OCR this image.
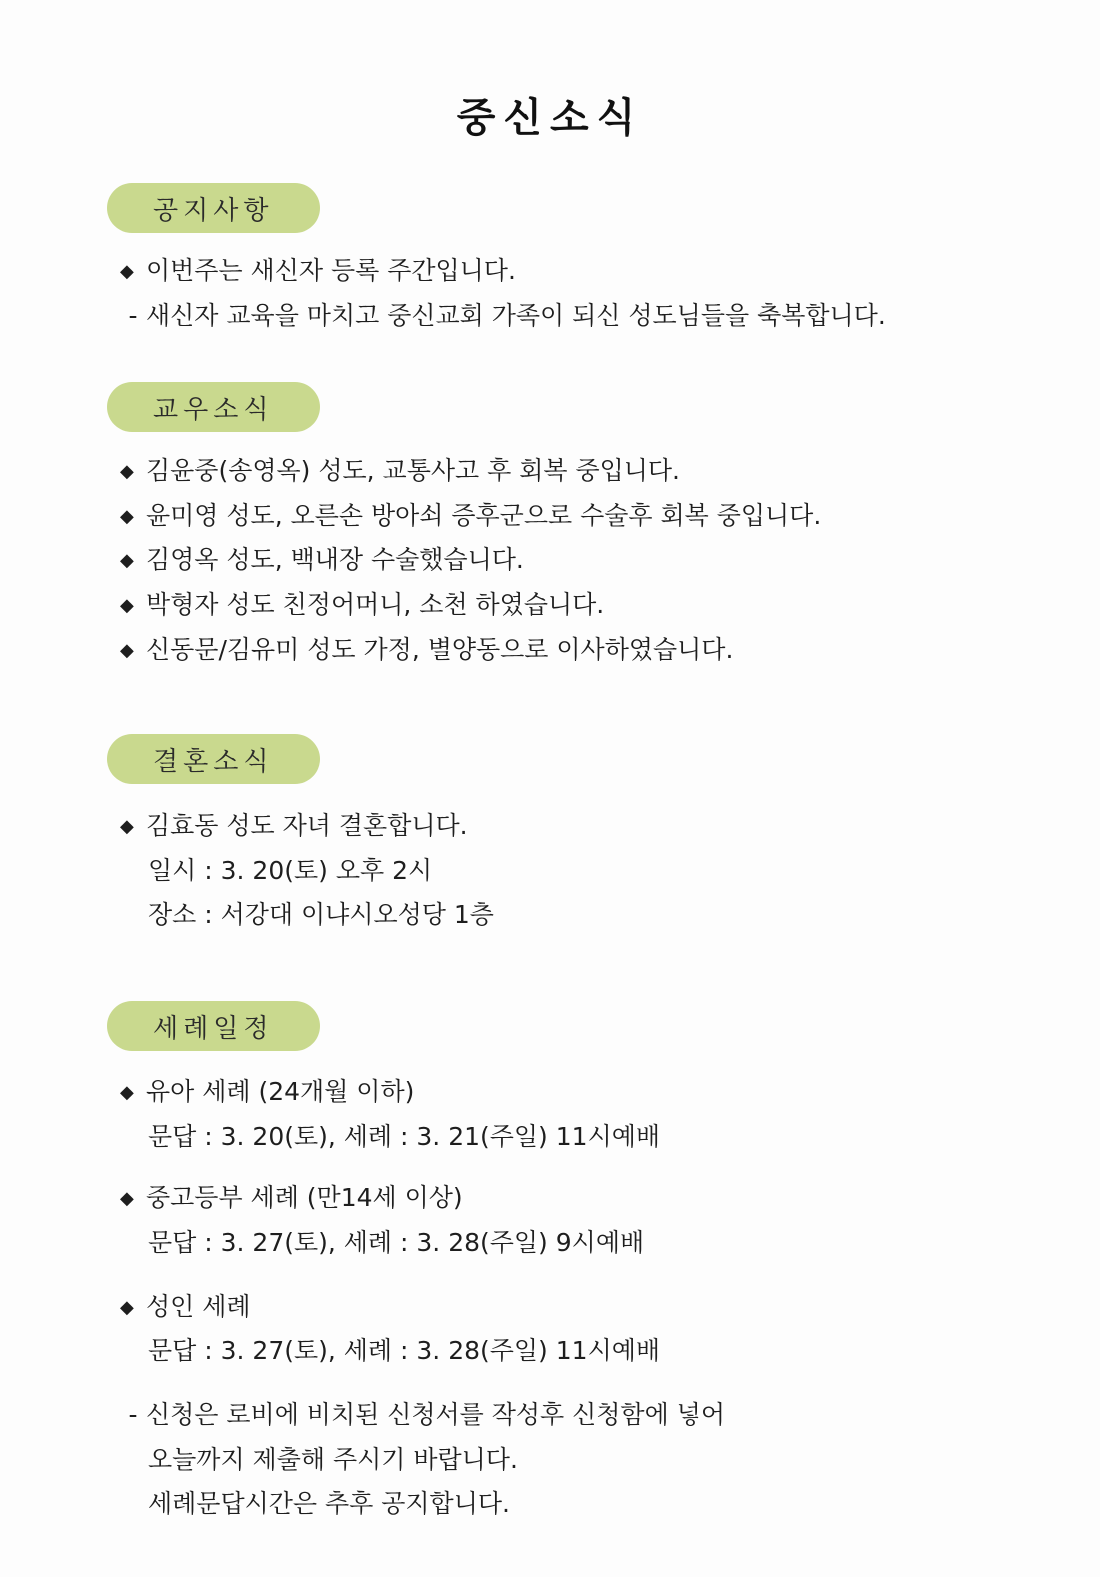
중신소식
공지사항
◆ 이번주는 새신자 등록 주간입니다.
- 새신자 교육을 마치고 중신교회 가족이 되신 성도님들을 축복합니다.
교우소식
◆ 김윤중(송영옥) 성도, 교통사고 후 회복 중입니다.
◆ 윤미영 성도, 오른손 방아쇠 증후군으로 수술후 회복 중입니다.
◆ 김영옥 성도, 백내장 수술했습니다.
◆ 박형자 성도 친정어머니, 소천 하였습니다.
◆ 신동문/김유미 성도 가정, 별양동으로 이사하였습니다.
결혼소식
◆ 김효동 성도 자녀 결혼합니다.
일시 : 3. 20(토) 오후 2시
장소 : 서강대 이냐시오성당 1층
세례일정
◆ 유아 세례 (24개월 이하)
문답 : 3. 20(토), 세례 : 3. 21(주일) 11시예배
◆ 중고등부 세례 (만14세 이상)
문답 : 3. 27(토), 세례 : 3. 28(주일) 9시예배
◆ 성인 세례
문답 : 3. 27(토), 세례 : 3. 28(주일) 11시예배
- 신청은 로비에 비치된 신청서를 작성후 신청함에 넣어
오늘까지 제출해 주시기 바랍니다.
세례문답시간은 추후 공지합니다.
